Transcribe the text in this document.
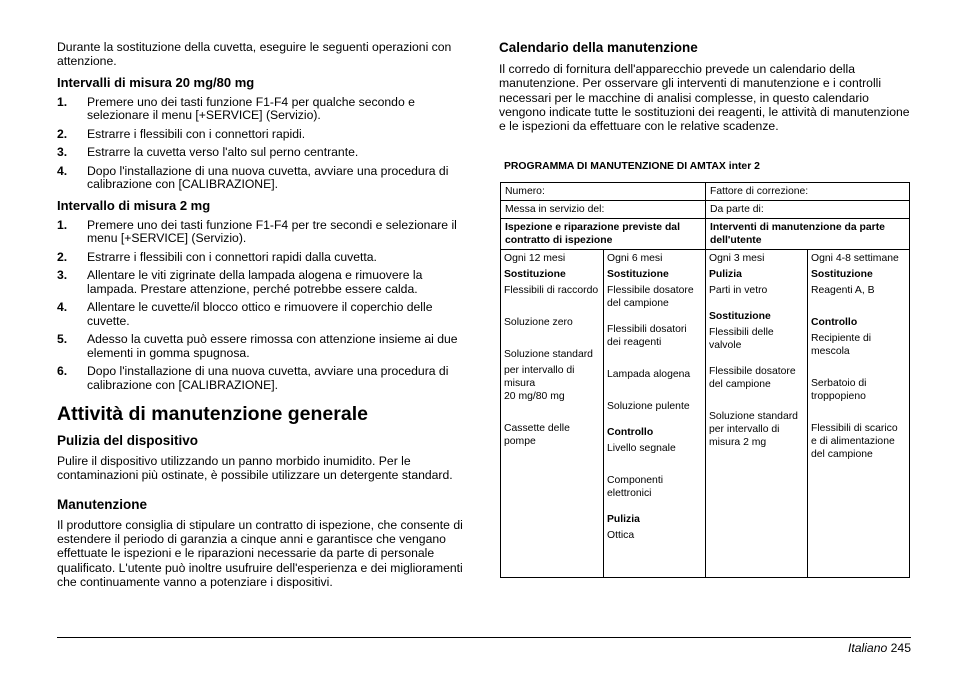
Durante la sostituzione della cuvetta, eseguire le seguenti operazioni con attenzione.

Intervalli di misura 20 mg/80 mg
1. Premere uno dei tasti funzione F1-F4 per qualche secondo e selezionare il menu [+SERVICE] (Servizio).
2. Estrarre i flessibili con i connettori rapidi.
3. Estrarre la cuvetta verso l'alto sul perno centrante.
4. Dopo l'installazione di una nuova cuvetta, avviare una procedura di calibrazione con [CALIBRAZIONE].
Intervallo di misura 2 mg
1. Premere uno dei tasti funzione F1-F4 per tre secondi e selezionare il menu [+SERVICE] (Servizio).
2. Estrarre i flessibili con i connettori rapidi dalla cuvetta.
3. Allentare le viti zigrinate della lampada alogena e rimuovere la lampada. Prestare attenzione, perché potrebbe essere calda.
4. Allentare le cuvette/il blocco ottico e rimuovere il coperchio delle cuvette.
5. Adesso la cuvetta può essere rimossa con attenzione insieme ai due elementi in gomma spugnosa.
6. Dopo l'installazione di una nuova cuvetta, avviare una procedura di calibrazione con [CALIBRAZIONE].
Attività di manutenzione generale
Pulizia del dispositivo

Pulire il dispositivo utilizzando un panno morbido inumidito. Per le contaminazioni più ostinate, è possibile utilizzare un detergente standard.

Manutenzione

Il produttore consiglia di stipulare un contratto di ispezione, che consente di estendere il periodo di garanzia a cinque anni e garantisce che vengano effettuate le ispezioni e le riparazioni necessarie da parte di personale qualificato. L'utente può inoltre usufruire dell'esperienza e dei miglioramenti che continuamente vanno a potenziare i dispositivi.

Calendario della manutenzione

Il corredo di fornitura dell'apparecchio prevede un calendario della manutenzione. Per osservare gli interventi di manutenzione e i controlli necessari per le macchine di analisi complesse, in questo calendario vengono indicate tutte le sostituzioni dei reagenti, le attività di manutenzione e le ispezioni da effettuare con le relative scadenze.

PROGRAMMA DI MANUTENZIONE DI AMTAX inter 2
Numero:	Fattore di correzione:
Messa in servizio del:	Da parte di:
Ispezione e riparazione previste dal contratto di ispezione
Interventi di manutenzione da parte dell'utente
Ogni 12 mesi
Sostituzione
Flessibili di raccordo
Soluzione zero
Soluzione standard
per intervallo di misura
20 mg/80 mg
Cassette delle pompe
Ogni 6 mesi
Sostituzione
Flessibile dosatore del campione
Flessibili dosatori dei reagenti
Lampada alogena
Soluzione pulente
Controllo
Livello segnale
Componenti elettronici
Pulizia
Ottica
Ogni 3 mesi
Pulizia
Parti in vetro
Sostituzione
Flessibili delle valvole
Flessibile dosatore del campione
Soluzione standard per intervallo di misura 2 mg
Ogni 4-8 settimane
Sostituzione
Reagenti A, B
Controllo
Recipiente di mescola
Serbatoio di troppopieno
Flessibili di scarico e di alimentazione del campione
Italiano 245
